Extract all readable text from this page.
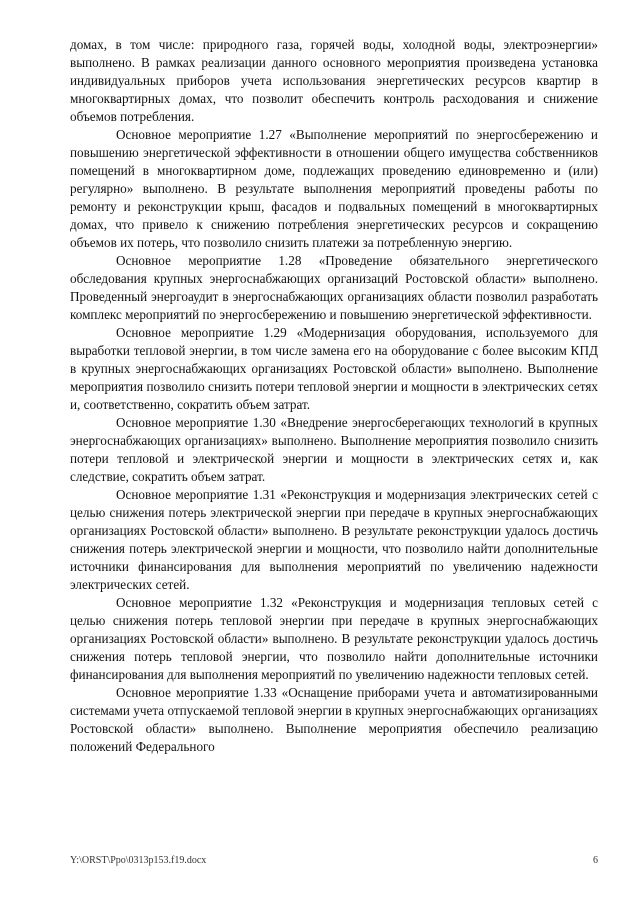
домах, в том числе: природного газа, горячей воды, холодной воды, электроэнергии» выполнено. В рамках реализации данного основного мероприятия произведена установка индивидуальных приборов учета использования энергетических ресурсов квартир в многоквартирных домах, что позволит обеспечить контроль расходования и снижение объемов потребления.

Основное мероприятие 1.27 «Выполнение мероприятий по энергосбережению и повышению энергетической эффективности в отношении общего имущества собственников помещений в многоквартирном доме, подлежащих проведению единовременно и (или) регулярно» выполнено. В результате выполнения мероприятий проведены работы по ремонту и реконструкции крыш, фасадов и подвальных помещений в многоквартирных домах, что привело к снижению потребления энергетических ресурсов и сокращению объемов их потерь, что позволило снизить платежи за потребленную энергию.

Основное мероприятие 1.28 «Проведение обязательного энергетического обследования крупных энергоснабжающих организаций Ростовской области» выполнено. Проведенный энергоаудит в энергоснабжающих организациях области позволил разработать комплекс мероприятий по энергосбережению и повышению энергетической эффективности.

Основное мероприятие 1.29 «Модернизация оборудования, используемого для выработки тепловой энергии, в том числе замена его на оборудование с более высоким КПД в крупных энергоснабжающих организациях Ростовской области» выполнено. Выполнение мероприятия позволило снизить потери тепловой энергии и мощности в электрических сетях и, соответственно, сократить объем затрат.

Основное мероприятие 1.30 «Внедрение энергосберегающих технологий в крупных энергоснабжающих организациях» выполнено. Выполнение мероприятия позволило снизить потери тепловой и электрической энергии и мощности в электрических сетях и, как следствие, сократить объем затрат.

Основное мероприятие 1.31 «Реконструкция и модернизация электрических сетей с целью снижения потерь электрической энергии при передаче в крупных энергоснабжающих организациях Ростовской области» выполнено. В результате реконструкции удалось достичь снижения потерь электрической энергии и мощности, что позволило найти дополнительные источники финансирования для выполнения мероприятий по увеличению надежности электрических сетей.

Основное мероприятие 1.32 «Реконструкция и модернизация тепловых сетей с целью снижения потерь тепловой энергии при передаче в крупных энергоснабжающих организациях Ростовской области» выполнено. В результате реконструкции удалось достичь снижения потерь тепловой энергии, что позволило найти дополнительные источники финансирования для выполнения мероприятий по увеличению надежности тепловых сетей.

Основное мероприятие 1.33 «Оснащение приборами учета и автоматизированными системами учета отпускаемой тепловой энергии в крупных энергоснабжающих организациях Ростовской области» выполнено. Выполнение мероприятия обеспечило реализацию положений Федерального

Y:\ORST\Ppo\0313p153.f19.docx	6
